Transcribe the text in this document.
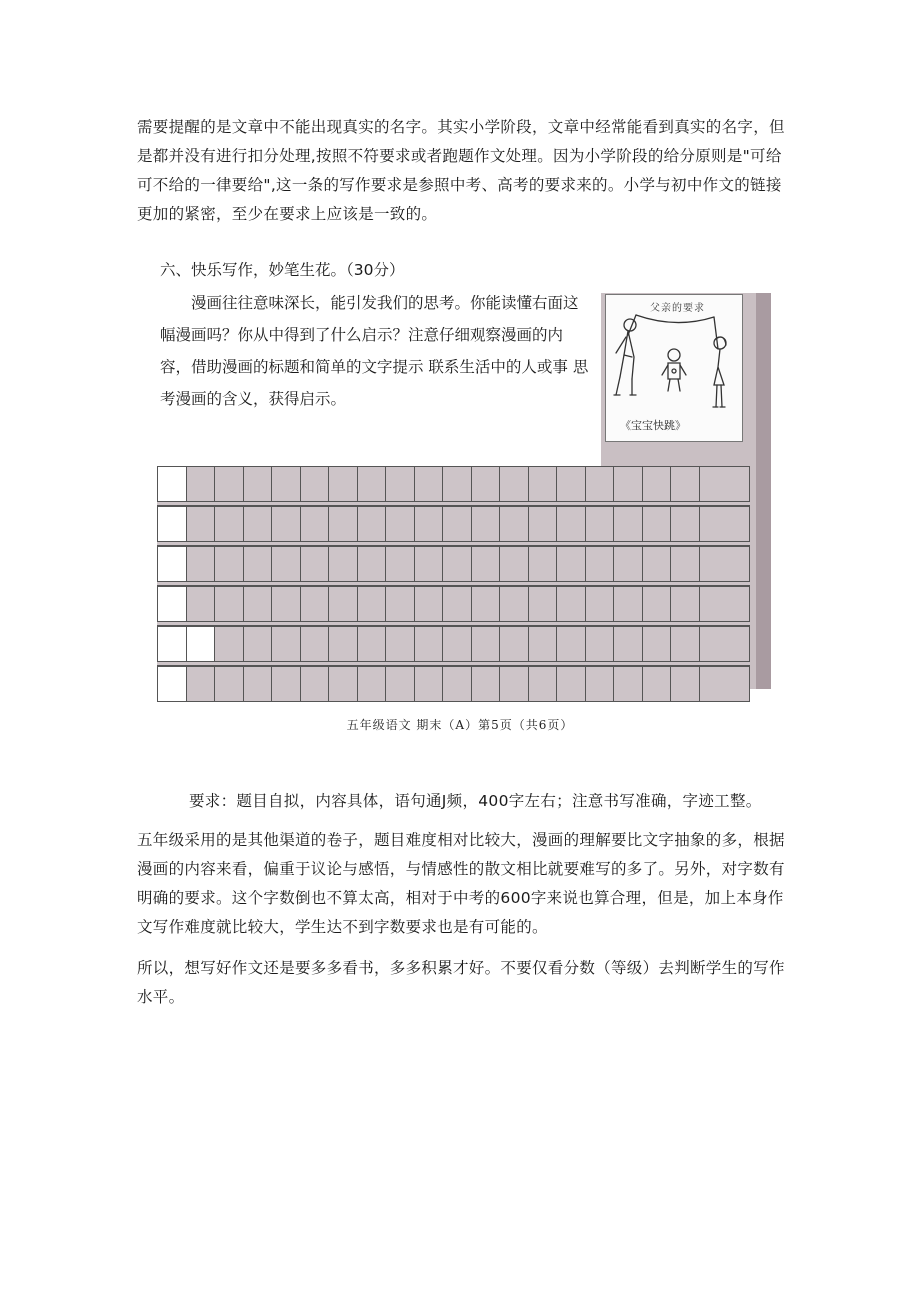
需要提醒的是文章中不能出现真实的名字。其实小学阶段，文章中经常能看到真实的名字，但是都并没有进行扣分处理,按照不符要求或者跑题作文处理。因为小学阶段的给分原则是"可给可不给的一律要给",这一条的写作要求是参照中考、高考的要求来的。小学与初中作文的链接更加的紧密，至少在要求上应该是一致的。

六、快乐写作，妙笔生花。（30分）
漫画往往意味深长，能引发我们的思考。你能读懂右面这幅漫画吗？你从中得到了什么启示？注意仔细观察漫画的内容，借助漫画的标题和简单的文字提示 联系生活中的人或事 思考漫画的含义，获得启示。
父亲的要求
《宝宝快跳》
五年级语文 期末（A）第5页（共6页）

要求：题目自拟，内容具体，语句通J频，400字左右；注意书写准确，字迹工整。

五年级采用的是其他渠道的卷子，题目难度相对比较大，漫画的理解要比文字抽象的多，根据漫画的内容来看，偏重于议论与感悟，与情感性的散文相比就要难写的多了。另外，对字数有明确的要求。这个字数倒也不算太高，相对于中考的600字来说也算合理，但是，加上本身作文写作难度就比较大，学生达不到字数要求也是有可能的。

所以，想写好作文还是要多多看书，多多积累才好。不要仅看分数（等级）去判断学生的写作水平。
